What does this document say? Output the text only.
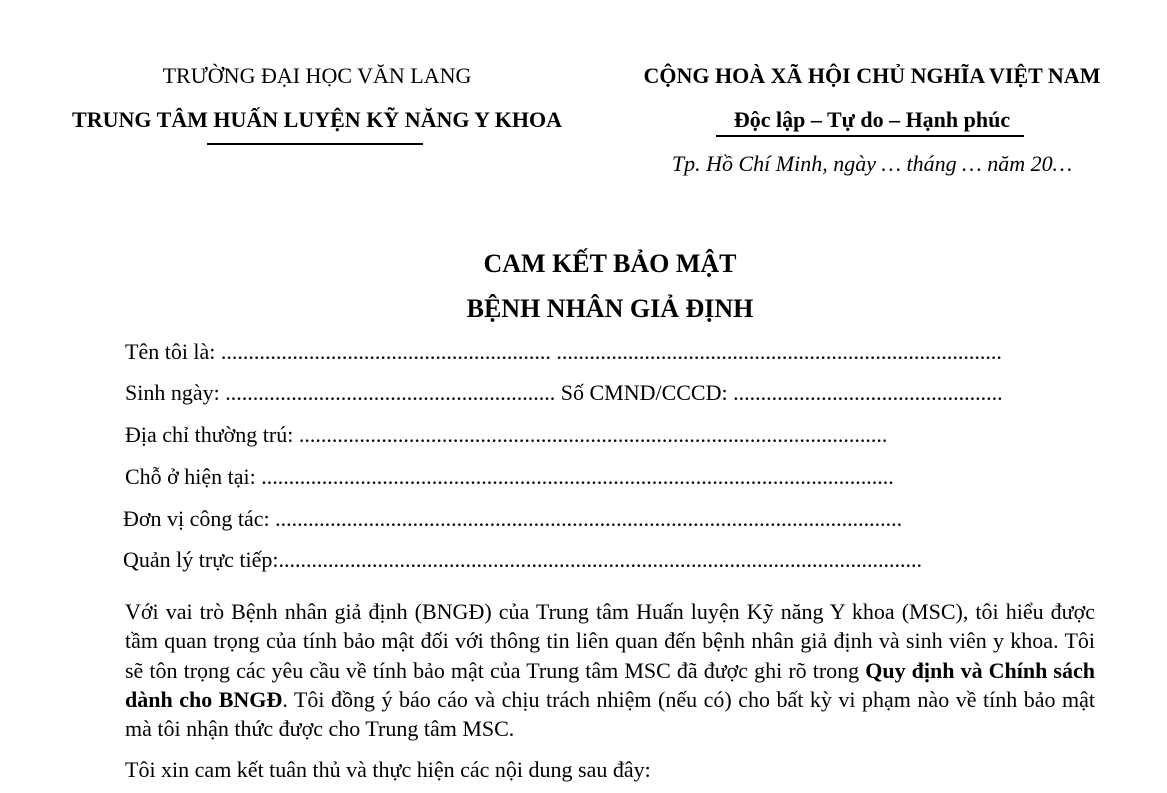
TRƯỜNG ĐẠI HỌC VĂN LANG
TRUNG TÂM HUẤN LUYỆN KỸ NĂNG Y KHOA
CỘNG HOÀ XÃ HỘI CHỦ NGHĨA VIỆT NAM
Độc lập – Tự do – Hạnh phúc
Tp. Hồ Chí Minh, ngày … tháng … năm 20…
CAM KẾT BẢO MẬT
BỆNH NHÂN GIẢ ĐỊNH
Tên tôi là: ............................................................ .................................................................................
Sinh ngày: ............................................................ Số CMND/CCCD: .................................................
Địa chỉ thường trú: ...........................................................................................................
Chỗ ở hiện tại: ...................................................................................................................
Đơn vị công tác: ..................................................................................................................
Quản lý trực tiếp:.....................................................................................................................
Với vai trò Bệnh nhân giả định (BNGĐ) của Trung tâm Huấn luyện Kỹ năng Y khoa (MSC), tôi hiểu được tầm quan trọng của tính bảo mật đối với thông tin liên quan đến bệnh nhân giả định và sinh viên y khoa. Tôi sẽ tôn trọng các yêu cầu về tính bảo mật của Trung tâm MSC đã được ghi rõ trong Quy định và Chính sách dành cho BNGĐ. Tôi đồng ý báo cáo và chịu trách nhiệm (nếu có) cho bất kỳ vi phạm nào về tính bảo mật mà tôi nhận thức được cho Trung tâm MSC.
Tôi xin cam kết tuân thủ và thực hiện các nội dung sau đây:
